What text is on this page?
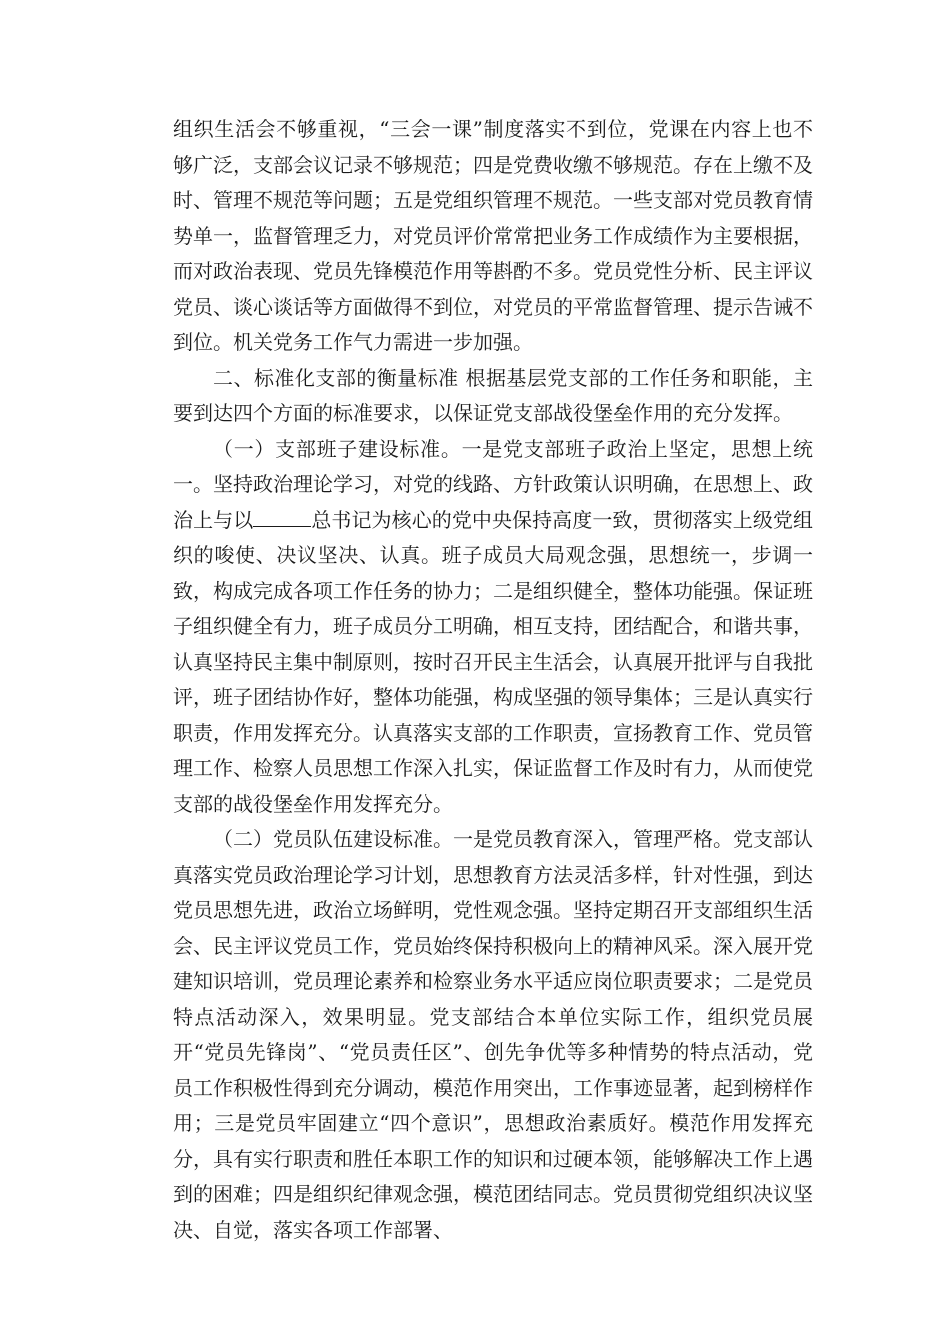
组织生活会不够重视，“三会一课”制度落实不到位，党课在内容上也不够广泛，支部会议记录不够规范；四是党费收缴不够规范。存在上缴不及时、管理不规范等问题；五是党组织管理不规范。一些支部对党员教育情势单一，监督管理乏力，对党员评价常常把业务工作成绩作为主要根据，而对政治表现、党员先锋模范作用等斟酌不多。党员党性分析、民主评议党员、谈心谈话等方面做得不到位，对党员的平常监督管理、提示告诫不到位。机关党务工作气力需进一步加强。

二、标准化支部的衡量标准 根据基层党支部的工作任务和职能，主要到达四个方面的标准要求，以保证党支部战役堡垒作用的充分发挥。

（一）支部班子建设标准。一是党支部班子政治上坚定，思想上统一。坚持政治理论学习，对党的线路、方针政策认识明确，在思想上、政治上与以	总书记为核心的党中央保持高度一致，贯彻落实上级党组织的唆使、决议坚决、认真。班子成员大局观念强，思想统一，步调一致，构成完成各项工作任务的协力；二是组织健全，整体功能强。保证班子组织健全有力，班子成员分工明确，相互支持，团结配合，和谐共事，认真坚持民主集中制原则，按时召开民主生活会，认真展开批评与自我批评，班子团结协作好，整体功能强，构成坚强的领导集体；三是认真实行职责，作用发挥充分。认真落实支部的工作职责，宣扬教育工作、党员管理工作、检察人员思想工作深入扎实，保证监督工作及时有力，从而使党支部的战役堡垒作用发挥充分。

（二）党员队伍建设标准。一是党员教育深入，管理严格。党支部认真落实党员政治理论学习计划，思想教育方法灵活多样，针对性强，到达党员思想先进，政治立场鲜明，党性观念强。坚持定期召开支部组织生活会、民主评议党员工作，党员始终保持积极向上的精神风采。深入展开党建知识培训，党员理论素养和检察业务水平适应岗位职责要求；二是党员特点活动深入，效果明显。党支部结合本单位实际工作，组织党员展开“党员先锋岗”、“党员责任区”、创先争优等多种情势的特点活动，党员工作积极性得到充分调动，模范作用突出，工作事迹显著，起到榜样作用；三是党员牢固建立“四个意识”，思想政治素质好。模范作用发挥充分，具有实行职责和胜任本职工作的知识和过硬本领，能够解决工作上遇到的困难；四是组织纪律观念强，模范团结同志。党员贯彻党组织决议坚决、自觉，落实各项工作部署、
